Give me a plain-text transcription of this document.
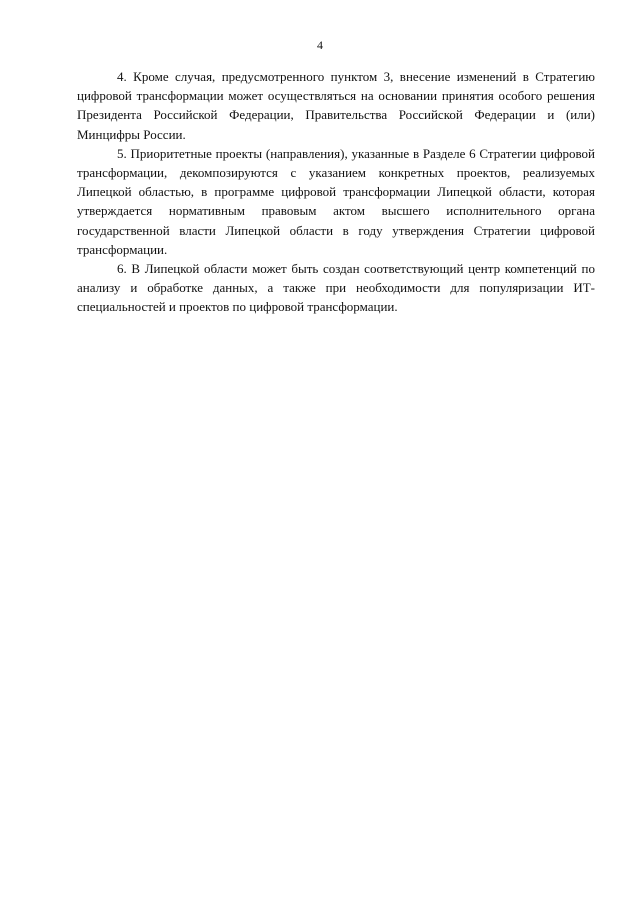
4

4. Кроме случая, предусмотренного пунктом 3, внесение изменений в Стратегию цифровой трансформации может осуществляться на основании принятия особого решения Президента Российской Федерации, Правительства Российской Федерации и (или) Минцифры России.

5. Приоритетные проекты (направления), указанные в Разделе 6 Стратегии цифровой трансформации, декомпозируются с указанием конкретных проектов, реализуемых Липецкой областью, в программе цифровой трансформации Липецкой области, которая утверждается нормативным правовым актом высшего исполнительного органа государственной власти Липецкой области в году утверждения Стратегии цифровой трансформации.

6. В Липецкой области может быть создан соответствующий центр компетенций по анализу и обработке данных, а также при необходимости для популяризации ИТ-специальностей и проектов по цифровой трансформации.
